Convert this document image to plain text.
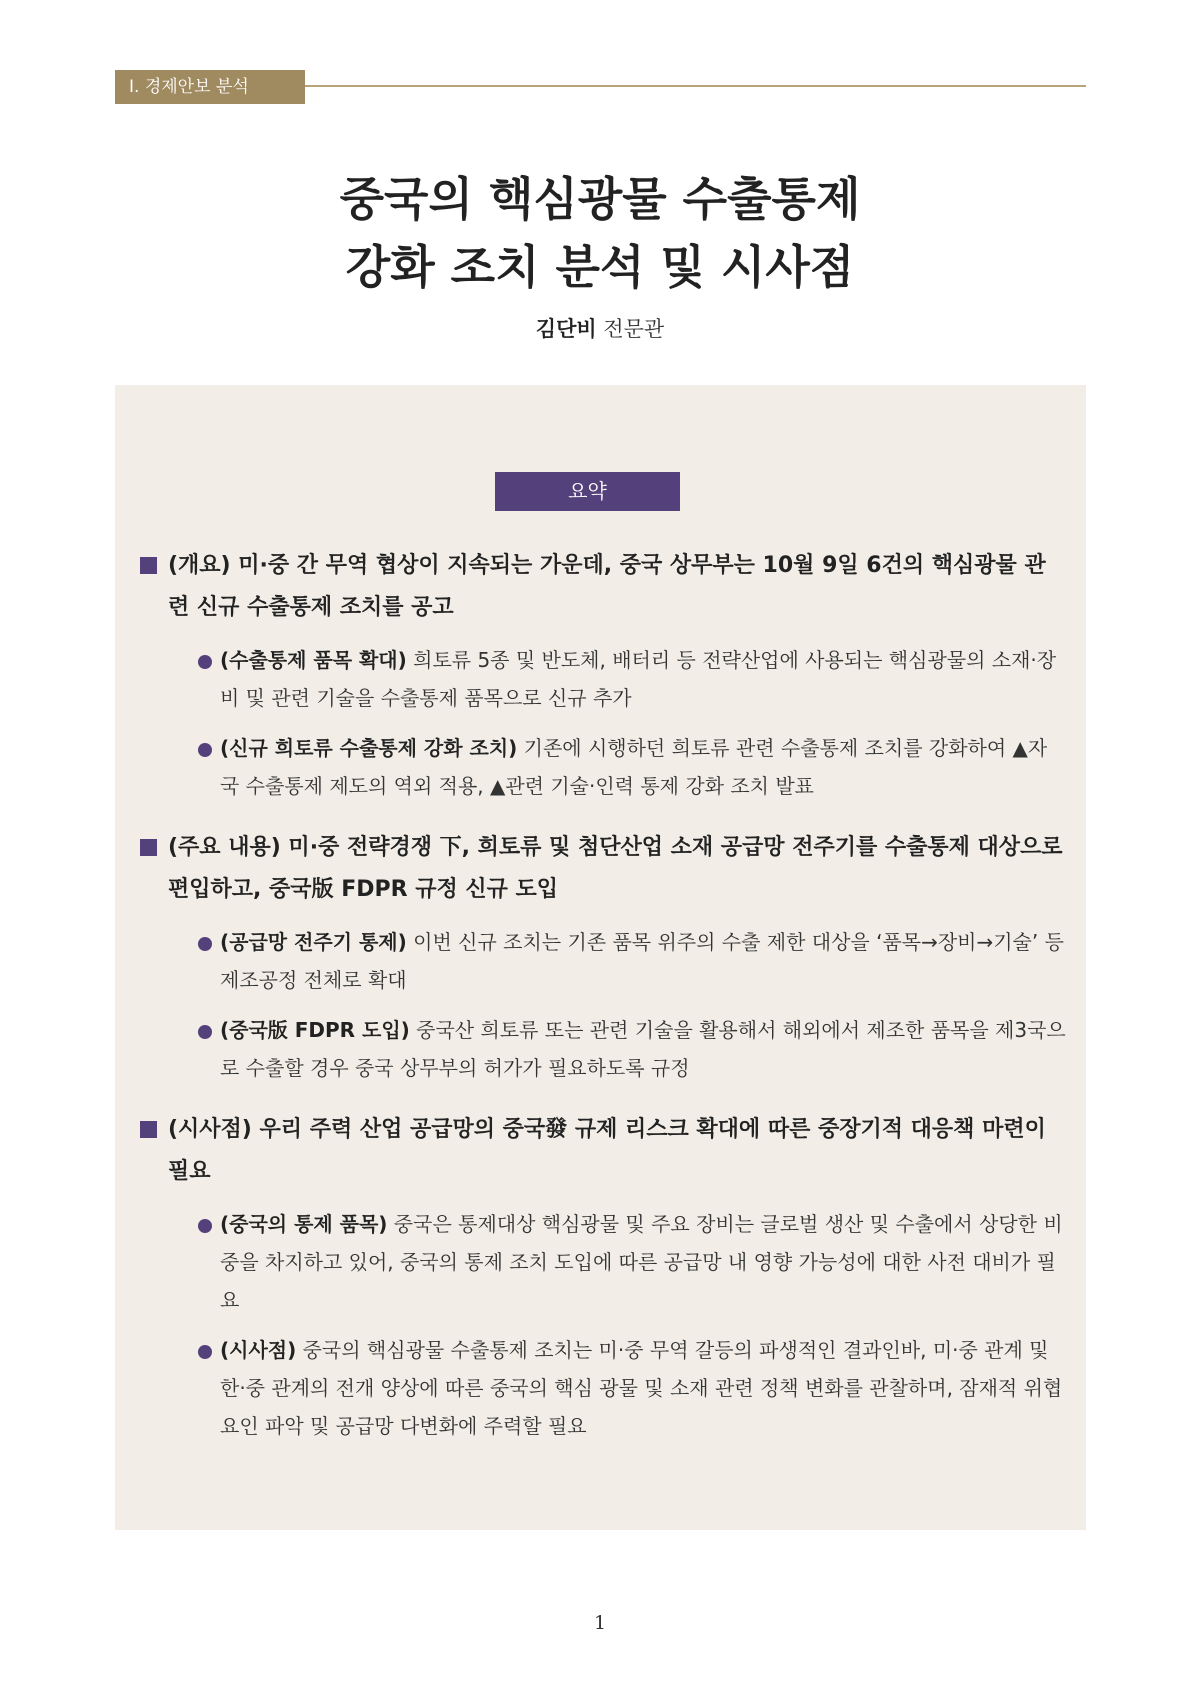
Ⅰ. 경제안보 분석
중국의 핵심광물 수출통제
강화 조치 분석 및 시사점
김단비 전문관
요약
(개요) 미·중 간 무역 협상이 지속되는 가운데, 중국 상무부는 10월 9일 6건의 핵심광물 관련 신규 수출통제 조치를 공고
(수출통제 품목 확대) 희토류 5종 및 반도체, 배터리 등 전략산업에 사용되는 핵심광물의 소재·장비 및 관련 기술을 수출통제 품목으로 신규 추가
(신규 희토류 수출통제 강화 조치) 기존에 시행하던 희토류 관련 수출통제 조치를 강화하여 ▲자국 수출통제 제도의 역외 적용, ▲관련 기술·인력 통제 강화 조치 발표
(주요 내용) 미·중 전략경쟁 下, 희토류 및 첨단산업 소재 공급망 전주기를 수출통제 대상으로 편입하고, 중국版 FDPR 규정 신규 도입
(공급망 전주기 통제) 이번 신규 조치는 기존 품목 위주의 수출 제한 대상을 ‘품목→장비→기술’ 등 제조공정 전체로 확대
(중국版 FDPR 도입) 중국산 희토류 또는 관련 기술을 활용해서 해외에서 제조한 품목을 제3국으로 수출할 경우 중국 상무부의 허가가 필요하도록 규정
(시사점) 우리 주력 산업 공급망의 중국發 규제 리스크 확대에 따른 중장기적 대응책 마련이 필요
(중국의 통제 품목) 중국은 통제대상 핵심광물 및 주요 장비는 글로벌 생산 및 수출에서 상당한 비중을 차지하고 있어, 중국의 통제 조치 도입에 따른 공급망 내 영향 가능성에 대한 사전 대비가 필요
(시사점) 중국의 핵심광물 수출통제 조치는 미·중 무역 갈등의 파생적인 결과인바, 미·중 관계 및 한·중 관계의 전개 양상에 따른 중국의 핵심 광물 및 소재 관련 정책 변화를 관찰하며, 잠재적 위협 요인 파악 및 공급망 다변화에 주력할 필요
1
